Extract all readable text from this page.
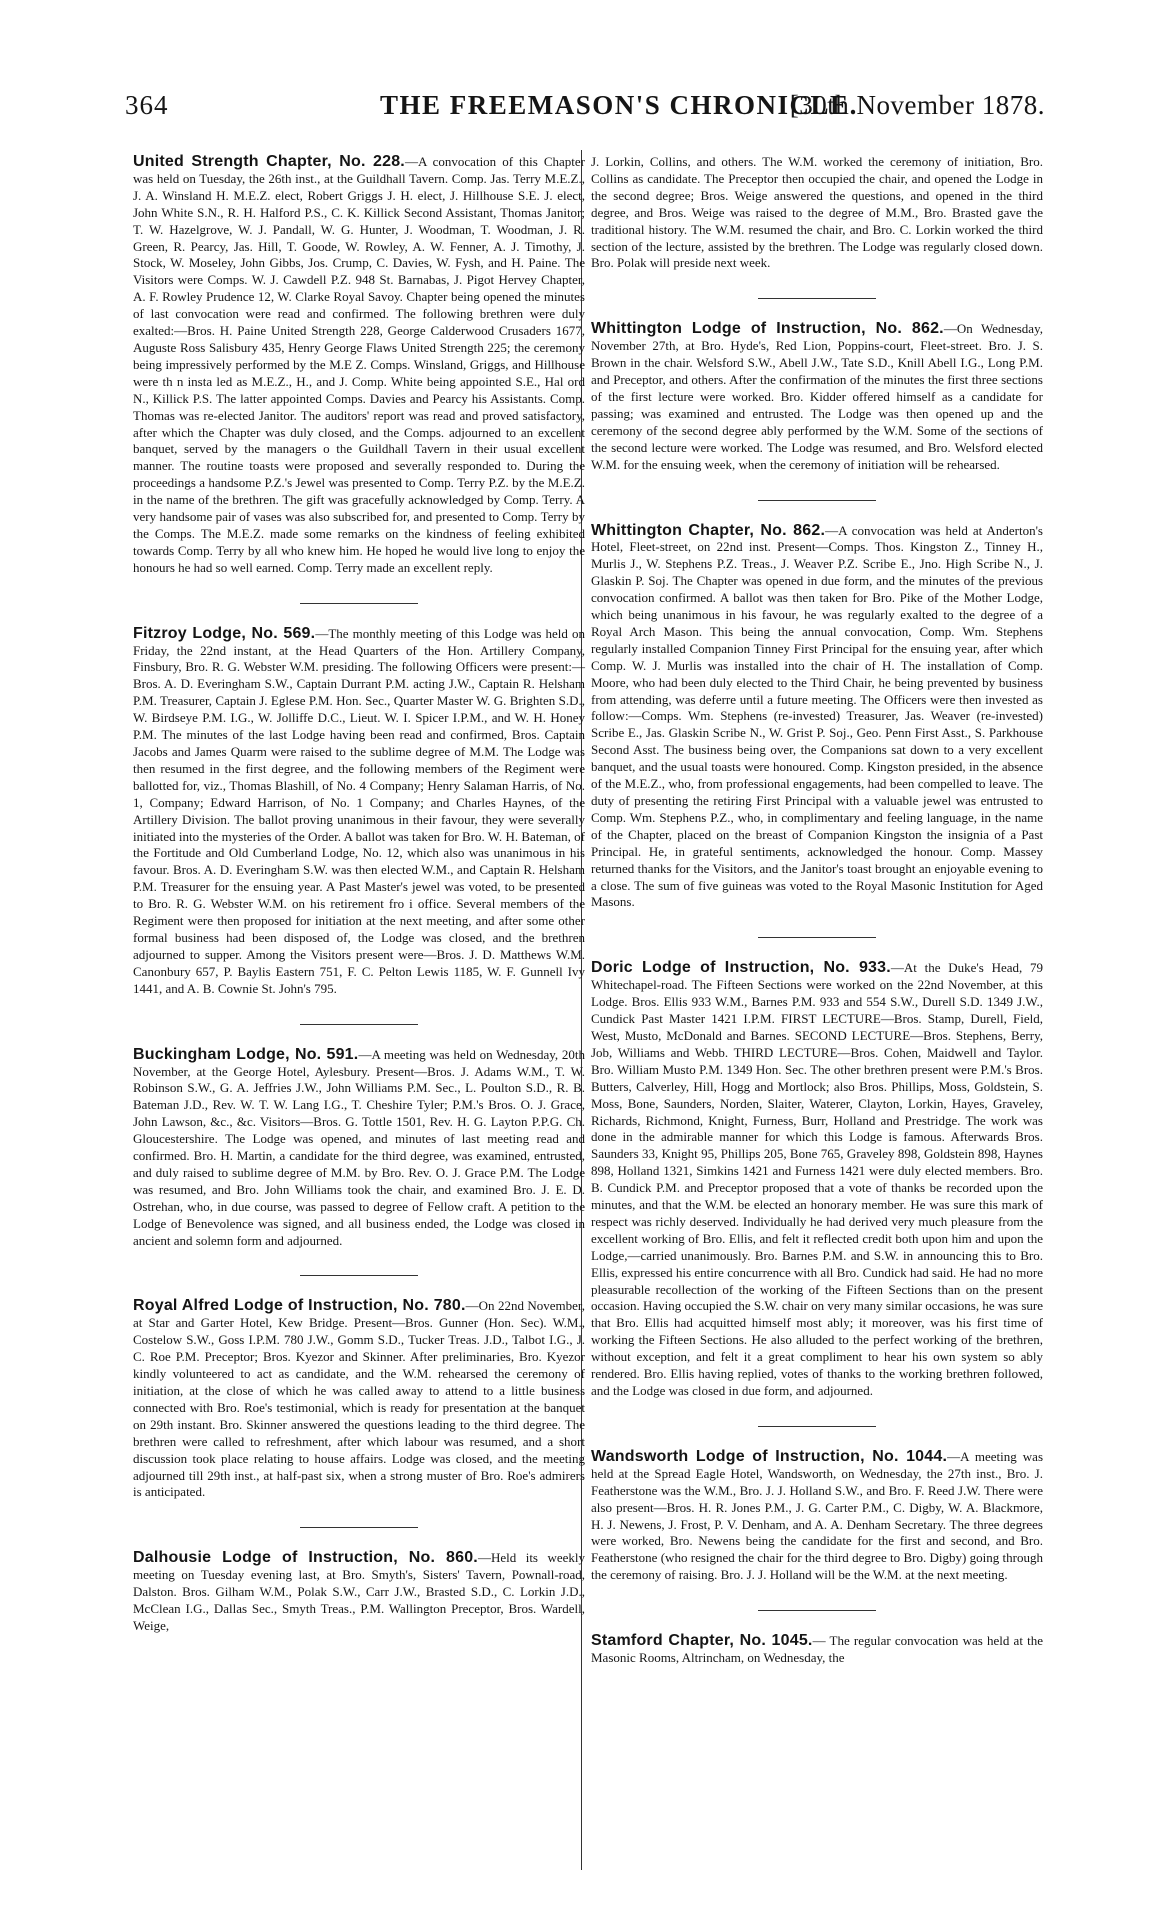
364	THE FREEMASON'S CHRONICLE.
[30th November 1878.

United Strength Chapter, No. 228.—A convocation of this Chapter was held on Tuesday, the 26th inst., at the Guildhall Tavern. Comp. Jas. Terry M.E.Z., J. A. Winsland H. M.E.Z. elect, Robert Griggs J. H. elect, J. Hillhouse S.E. J. elect, John White S.N., R. H. Halford P.S., C. K. Killick Second Assistant, Thomas Janitor; T. W. Hazelgrove, W. J. Pandall, W. G. Hunter, J. Woodman, T. Woodman, J. R. Green, R. Pearcy, Jas. Hill, T. Goode, W. Rowley, A. W. Fenner, A. J. Timothy, J. Stock, W. Moseley, John Gibbs, Jos. Crump, C. Davies, W. Fysh, and H. Paine. The Visitors were Comps. W. J. Cawdell P.Z. 948 St. Barnabas, J. Pigot Hervey Chapter, A. F. Rowley Prudence 12, W. Clarke Royal Savoy. Chapter being opened the minutes of last convocation were read and confirmed. The following brethren were duly exalted:—Bros. H. Paine United Strength 228, George Calderwood Crusaders 1677, Auguste Ross Salisbury 435, Henry George Flaws United Strength 225; the ceremony being impressively performed by the M.E Z. Comps. Winsland, Griggs, and Hillhouse were th n insta led as M.E.Z., H., and J. Comp. White being appointed S.E., Hal ord N., Killick P.S. The latter appointed Comps. Davies and Pearcy his Assistants. Comp. Thomas was re-elected Janitor. The auditors' report was read and proved satisfactory, after which the Chapter was duly closed, and the Comps. adjourned to an excellent banquet, served by the managers o the Guildhall Tavern in their usual excellent manner. The routine toasts were proposed and severally responded to. During the proceedings a handsome P.Z.'s Jewel was presented to Comp. Terry P.Z. by the M.E.Z. in the name of the brethren. The gift was gracefully acknowledged by Comp. Terry. A very handsome pair of vases was also subscribed for, and presented to Comp. Terry by the Comps. The M.E.Z. made some remarks on the kindness of feeling exhibited towards Comp. Terry by all who knew him. He hoped he would live long to enjoy the honours he had so well earned. Comp. Terry made an excellent reply.

Fitzroy Lodge, No. 569.—The monthly meeting of this Lodge was held on Friday, the 22nd instant, at the Head Quarters of the Hon. Artillery Company, Finsbury, Bro. R. G. Webster W.M. presiding. The following Officers were present:—Bros. A. D. Everingham S.W., Captain Durrant P.M. acting J.W., Captain R. Helsham P.M. Treasurer, Captain J. Eglese P.M. Hon. Sec., Quarter Master W. G. Brighten S.D., W. Birdseye P.M. I.G., W. Jolliffe D.C., Lieut. W. I. Spicer I.P.M., and W. H. Honey P.M. The minutes of the last Lodge having been read and confirmed, Bros. Captain Jacobs and James Quarm were raised to the sublime degree of M.M. The Lodge was then resumed in the first degree, and the following members of the Regiment were ballotted for, viz., Thomas Blashill, of No. 4 Company; Henry Salaman Harris, of No. 1, Company; Edward Harrison, of No. 1 Company; and Charles Haynes, of the Artillery Division. The ballot proving unanimous in their favour, they were severally initiated into the mysteries of the Order. A ballot was taken for Bro. W. H. Bateman, of the Fortitude and Old Cumberland Lodge, No. 12, which also was unanimous in his favour. Bros. A. D. Everingham S.W. was then elected W.M., and Captain R. Helsham P.M. Treasurer for the ensuing year. A Past Master's jewel was voted, to be presented to Bro. R. G. Webster W.M. on his retirement fro i office. Several members of the Regiment were then proposed for initiation at the next meeting, and after some other formal business had been disposed of, the Lodge was closed, and the brethren adjourned to supper. Among the Visitors present were—Bros. J. D. Matthews W.M. Canonbury 657, P. Baylis Eastern 751, F. C. Pelton Lewis 1185, W. F. Gunnell Ivy 1441, and A. B. Cownie St. John's 795.

Buckingham Lodge, No. 591.—A meeting was held on Wednesday, 20th November, at the George Hotel, Aylesbury. Present—Bros. J. Adams W.M., T. W. Robinson S.W., G. A. Jeffries J.W., John Williams P.M. Sec., L. Poulton S.D., R. B. Bateman J.D., Rev. W. T. W. Lang I.G., T. Cheshire Tyler; P.M.'s Bros. O. J. Grace, John Lawson, &c., &c. Visitors—Bros. G. Tottle 1501, Rev. H. G. Layton P.P.G. Ch. Gloucestershire. The Lodge was opened, and minutes of last meeting read and confirmed. Bro. H. Martin, a candidate for the third degree, was examined, entrusted, and duly raised to sublime degree of M.M. by Bro. Rev. O. J. Grace P.M. The Lodge was resumed, and Bro. John Williams took the chair, and examined Bro. J. E. D. Ostrehan, who, in due course, was passed to degree of Fellow craft. A petition to the Lodge of Benevolence was signed, and all business ended, the Lodge was closed in ancient and solemn form and adjourned.

Royal Alfred Lodge of Instruction, No. 780.—On 22nd November, at Star and Garter Hotel, Kew Bridge. Present—Bros. Gunner (Hon. Sec). W.M., Costelow S.W., Goss I.P.M. 780 J.W., Gomm S.D., Tucker Treas. J.D., Talbot I.G., J. C. Roe P.M. Preceptor; Bros. Kyezor and Skinner. After preliminaries, Bro. Kyezor kindly volunteered to act as candidate, and the W.M. rehearsed the ceremony of initiation, at the close of which he was called away to attend to a little business connected with Bro. Roe's testimonial, which is ready for presentation at the banquet on 29th instant. Bro. Skinner answered the questions leading to the third degree. The brethren were called to refreshment, after which labour was resumed, and a short discussion took place relating to house affairs. Lodge was closed, and the meeting adjourned till 29th inst., at half-past six, when a strong muster of Bro. Roe's admirers is anticipated.

Dalhousie Lodge of Instruction, No. 860.—Held its weekly meeting on Tuesday evening last, at Bro. Smyth's, Sisters' Tavern, Pownall-road, Dalston. Bros. Gilham W.M., Polak S.W., Carr J.W., Brasted S.D., C. Lorkin J.D., McClean I.G., Dallas Sec., Smyth Treas., P.M. Wallington Preceptor, Bros. Wardell, Weige,

J. Lorkin, Collins, and others. The W.M. worked the ceremony of initiation, Bro. Collins as candidate. The Preceptor then occupied the chair, and opened the Lodge in the second degree; Bros. Weige answered the questions, and opened in the third degree, and Bros. Weige was raised to the degree of M.M., Bro. Brasted gave the traditional history. The W.M. resumed the chair, and Bro. C. Lorkin worked the third section of the lecture, assisted by the brethren. The Lodge was regularly closed down. Bro. Polak will preside next week.

Whittington Lodge of Instruction, No. 862.—On Wednesday, November 27th, at Bro. Hyde's, Red Lion, Poppins-court, Fleet-street. Bro. J. S. Brown in the chair. Welsford S.W., Abell J.W., Tate S.D., Knill Abell I.G., Long P.M. and Preceptor, and others. After the confirmation of the minutes the first three sections of the first lecture were worked. Bro. Kidder offered himself as a candidate for passing; was examined and entrusted. The Lodge was then opened up and the ceremony of the second degree ably performed by the W.M. Some of the sections of the second lecture were worked. The Lodge was resumed, and Bro. Welsford elected W.M. for the ensuing week, when the ceremony of initiation will be rehearsed.

Whittington Chapter, No. 862.—A convocation was held at Anderton's Hotel, Fleet-street, on 22nd inst. Present—Comps. Thos. Kingston Z., Tinney H., Murlis J., W. Stephens P.Z. Treas., J. Weaver P.Z. Scribe E., Jno. High Scribe N., J. Glaskin P. Soj. The Chapter was opened in due form, and the minutes of the previous convocation confirmed. A ballot was then taken for Bro. Pike of the Mother Lodge, which being unanimous in his favour, he was regularly exalted to the degree of a Royal Arch Mason. This being the annual convocation, Comp. Wm. Stephens regularly installed Companion Tinney First Principal for the ensuing year, after which Comp. W. J. Murlis was installed into the chair of H. The installation of Comp. Moore, who had been duly elected to the Third Chair, he being prevented by business from attending, was deferre until a future meeting. The Officers were then invested as follow:—Comps. Wm. Stephens (re-invested) Treasurer, Jas. Weaver (re-invested) Scribe E., Jas. Glaskin Scribe N., W. Grist P. Soj., Geo. Penn First Asst., S. Parkhouse Second Asst. The business being over, the Companions sat down to a very excellent banquet, and the usual toasts were honoured. Comp. Kingston presided, in the absence of the M.E.Z., who, from professional engagements, had been compelled to leave. The duty of presenting the retiring First Principal with a valuable jewel was entrusted to Comp. Wm. Stephens P.Z., who, in complimentary and feeling language, in the name of the Chapter, placed on the breast of Companion Kingston the insignia of a Past Principal. He, in grateful sentiments, acknowledged the honour. Comp. Massey returned thanks for the Visitors, and the Janitor's toast brought an enjoyable evening to a close. The sum of five guineas was voted to the Royal Masonic Institution for Aged Masons.

Doric Lodge of Instruction, No. 933.—At the Duke's Head, 79 Whitechapel-road. The Fifteen Sections were worked on the 22nd November, at this Lodge. Bros. Ellis 933 W.M., Barnes P.M. 933 and 554 S.W., Durell S.D. 1349 J.W., Cundick Past Master 1421 I.P.M. FIRST LECTURE—Bros. Stamp, Durell, Field, West, Musto, McDonald and Barnes. SECOND LECTURE—Bros. Stephens, Berry, Job, Williams and Webb. THIRD LECTURE—Bros. Cohen, Maidwell and Taylor. Bro. William Musto P.M. 1349 Hon. Sec. The other brethren present were P.M.'s Bros. Butters, Calverley, Hill, Hogg and Mortlock; also Bros. Phillips, Moss, Goldstein, S. Moss, Bone, Saunders, Norden, Slaiter, Waterer, Clayton, Lorkin, Hayes, Graveley, Richards, Richmond, Knight, Furness, Burr, Holland and Prestridge. The work was done in the admirable manner for which this Lodge is famous. Afterwards Bros. Saunders 33, Knight 95, Phillips 205, Bone 765, Graveley 898, Goldstein 898, Haynes 898, Holland 1321, Simkins 1421 and Furness 1421 were duly elected members. Bro. B. Cundick P.M. and Preceptor proposed that a vote of thanks be recorded upon the minutes, and that the W.M. be elected an honorary member. He was sure this mark of respect was richly deserved. Individually he had derived very much pleasure from the excellent working of Bro. Ellis, and felt it reflected credit both upon him and upon the Lodge,—carried unanimously. Bro. Barnes P.M. and S.W. in announcing this to Bro. Ellis, expressed his entire concurrence with all Bro. Cundick had said. He had no more pleasurable recollection of the working of the Fifteen Sections than on the present occasion. Having occupied the S.W. chair on very many similar occasions, he was sure that Bro. Ellis had acquitted himself most ably; it moreover, was his first time of working the Fifteen Sections. He also alluded to the perfect working of the brethren, without exception, and felt it a great compliment to hear his own system so ably rendered. Bro. Ellis having replied, votes of thanks to the working brethren followed, and the Lodge was closed in due form, and adjourned.

Wandsworth Lodge of Instruction, No. 1044.—A meeting was held at the Spread Eagle Hotel, Wandsworth, on Wednesday, the 27th inst., Bro. J. Featherstone was the W.M., Bro. J. J. Holland S.W., and Bro. F. Reed J.W. There were also present—Bros. H. R. Jones P.M., J. G. Carter P.M., C. Digby, W. A. Blackmore, H. J. Newens, J. Frost, P. V. Denham, and A. A. Denham Secretary. The three degrees were worked, Bro. Newens being the candidate for the first and second, and Bro. Featherstone (who resigned the chair for the third degree to Bro. Digby) going through the ceremony of raising. Bro. J. J. Holland will be the W.M. at the next meeting.

Stamford Chapter, No. 1045.— The regular convocation was held at the Masonic Rooms, Altrincham, on Wednesday, the
